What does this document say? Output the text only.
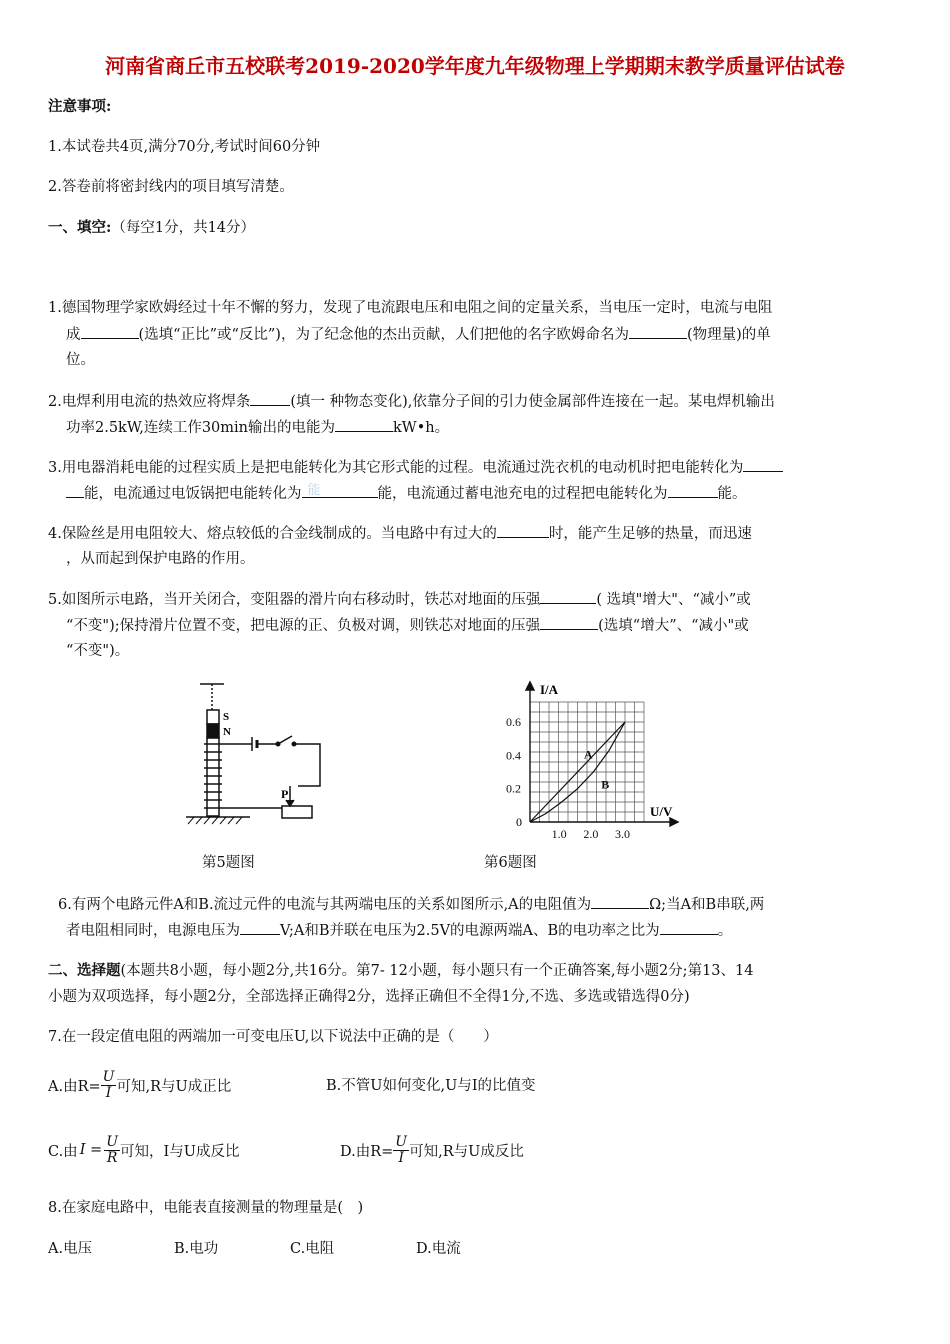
河南省商丘市五校联考2019-2020学年度九年级物理上学期期末教学质量评估试卷
注意事项:
1.本试卷共4页,满分70分,考试时间60分钟
2.答卷前将密封线内的项目填写清楚。
一、填空:（每空1分，共14分）
1.德国物理学家欧姆经过十年不懈的努力，发现了电流跟电压和电阻之间的定量关系，当电压一定时，电流与电阻
成	(选填“正比”或“反比”)，为了纪念他的杰出贡献，人们把他的名字欧姆命名为	(物理量)的单
位。
2.电焊利用电流的热效应将焊条	(填一 种物态变化),依靠分子间的引力使金属部件连接在一起。某电焊机输出
功率2.5kW,连续工作30min输出的电能为	kW•h。
3.用电器消耗电能的过程实质上是把电能转化为其它形式能的过程。电流通过洗衣机的电动机时把电能转化为
能，电流通过电饭锅把电能转化为 能	能，电流通过蓄电池充电的过程把电能转化为	能。
4.保险丝是用电阻较大、熔点较低的合金线制成的。当电路中有过大的	时，能产生足够的热量，而迅速
，从而起到保护电路的作用。
5.如图所示电路，当开关闭合，变阻器的滑片向右移动时，铁芯对地面的压强	( 选填"增大"、“减小”或
“不变");保持滑片位置不变，把电源的正、负极对调，则铁芯对地面的压强	(选填“增大”、“减小"或
“不变")。
S
N
P
第5题图
A
B
1.0 2.0 3.0
0.2
0.4
0.6
I/A
U/V
0
第6题图
6.有两个电路元件A和B.流过元件的电流与其两端电压的关系如图所示,A的电阻值为	Ω;当A和B串联,两
者电阻相同时，电源电压为	V;A和B并联在电压为2.5V的电源两端A、B的电功率之比为	。
二、选择题(本题共8小题，每小题2分,共16分。第7- 12小题，每小题只有一个正确答案,每小题2分;第13、14
小题为双项选择，每小题2分，全部选择正确得2分，选择正确但不全得1分,不选、多选或错选得0分)
7.在一段定值电阻的两端加一可变电压U,以下说法中正确的是（　　）
A.由$R= \frac{U}{I}$ 可知,R与U成正比	B.不管U如何变化,U与I的比值变
C.由 $I = \frac{U}{R}$ 可知，I与U成反比	D.由$R= \frac{U}{I}$ 可知,R与U成反比
8.在家庭电路中，电能表直接测量的物理量是(　)
A.电压	B.电功	C.电阻	D.电流
